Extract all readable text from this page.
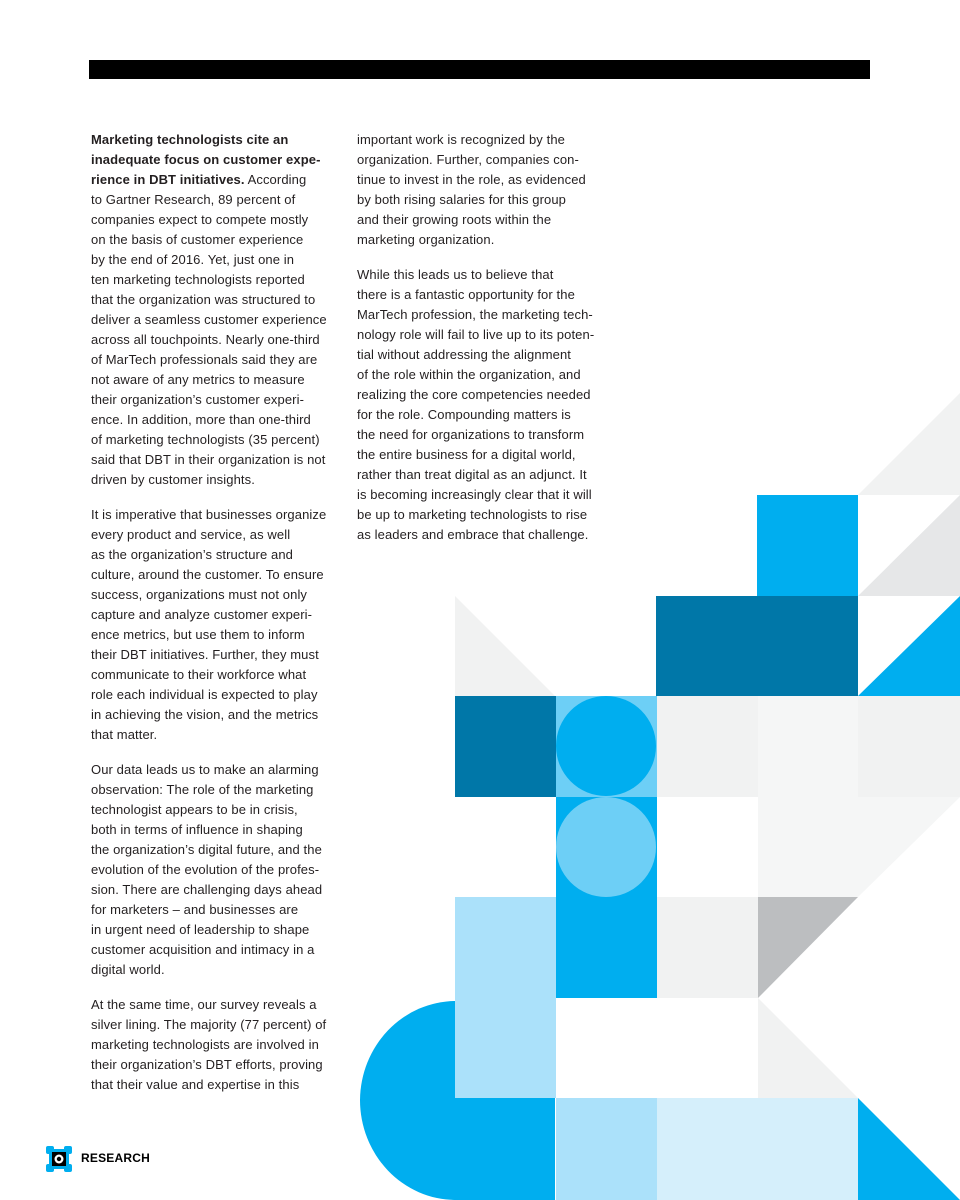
Marketing technologists cite an
inadequate focus on customer expe-
rience in DBT initiatives. According
to Gartner Research, 89 percent of
companies expect to compete mostly
on the basis of customer experience
by the end of 2016. Yet, just one in
ten marketing technologists reported
that the organization was structured to
deliver a seamless customer experience
across all touchpoints. Nearly one-third
of MarTech professionals said they are
not aware of any metrics to measure
their organization’s customer experi-
ence. In addition, more than one-third
of marketing technologists (35 percent)
said that DBT in their organization is not
driven by customer insights.

It is imperative that businesses organize
every product and service, as well
as the organization’s structure and
culture, around the customer. To ensure
success, organizations must not only
capture and analyze customer experi-
ence metrics, but use them to inform
their DBT initiatives. Further, they must
communicate to their workforce what
role each individual is expected to play
in achieving the vision, and the metrics
that matter.

Our data leads us to make an alarming
observation: The role of the marketing
technologist appears to be in crisis,
both in terms of influence in shaping
the organization’s digital future, and the
evolution of the evolution of the profes-
sion. There are challenging days ahead
for marketers – and businesses are
in urgent need of leadership to shape
customer acquisition and intimacy in a
digital world.

At the same time, our survey reveals a
silver lining. The majority (77 percent) of
marketing technologists are involved in
their organization’s DBT efforts, proving
that their value and expertise in this

important work is recognized by the
organization. Further, companies con-
tinue to invest in the role, as evidenced
by both rising salaries for this group
and their growing roots within the
marketing organization.

While this leads us to believe that
there is a fantastic opportunity for the
MarTech profession, the marketing tech-
nology role will fail to live up to its poten-
tial without addressing the alignment
of the role within the organization, and
realizing the core competencies needed
for the role. Compounding matters is
the need for organizations to transform
the entire business for a digital world,
rather than treat digital as an adjunct. It
is becoming increasingly clear that it will
be up to marketing technologists to rise
as leaders and embrace that challenge.

RESEARCH
